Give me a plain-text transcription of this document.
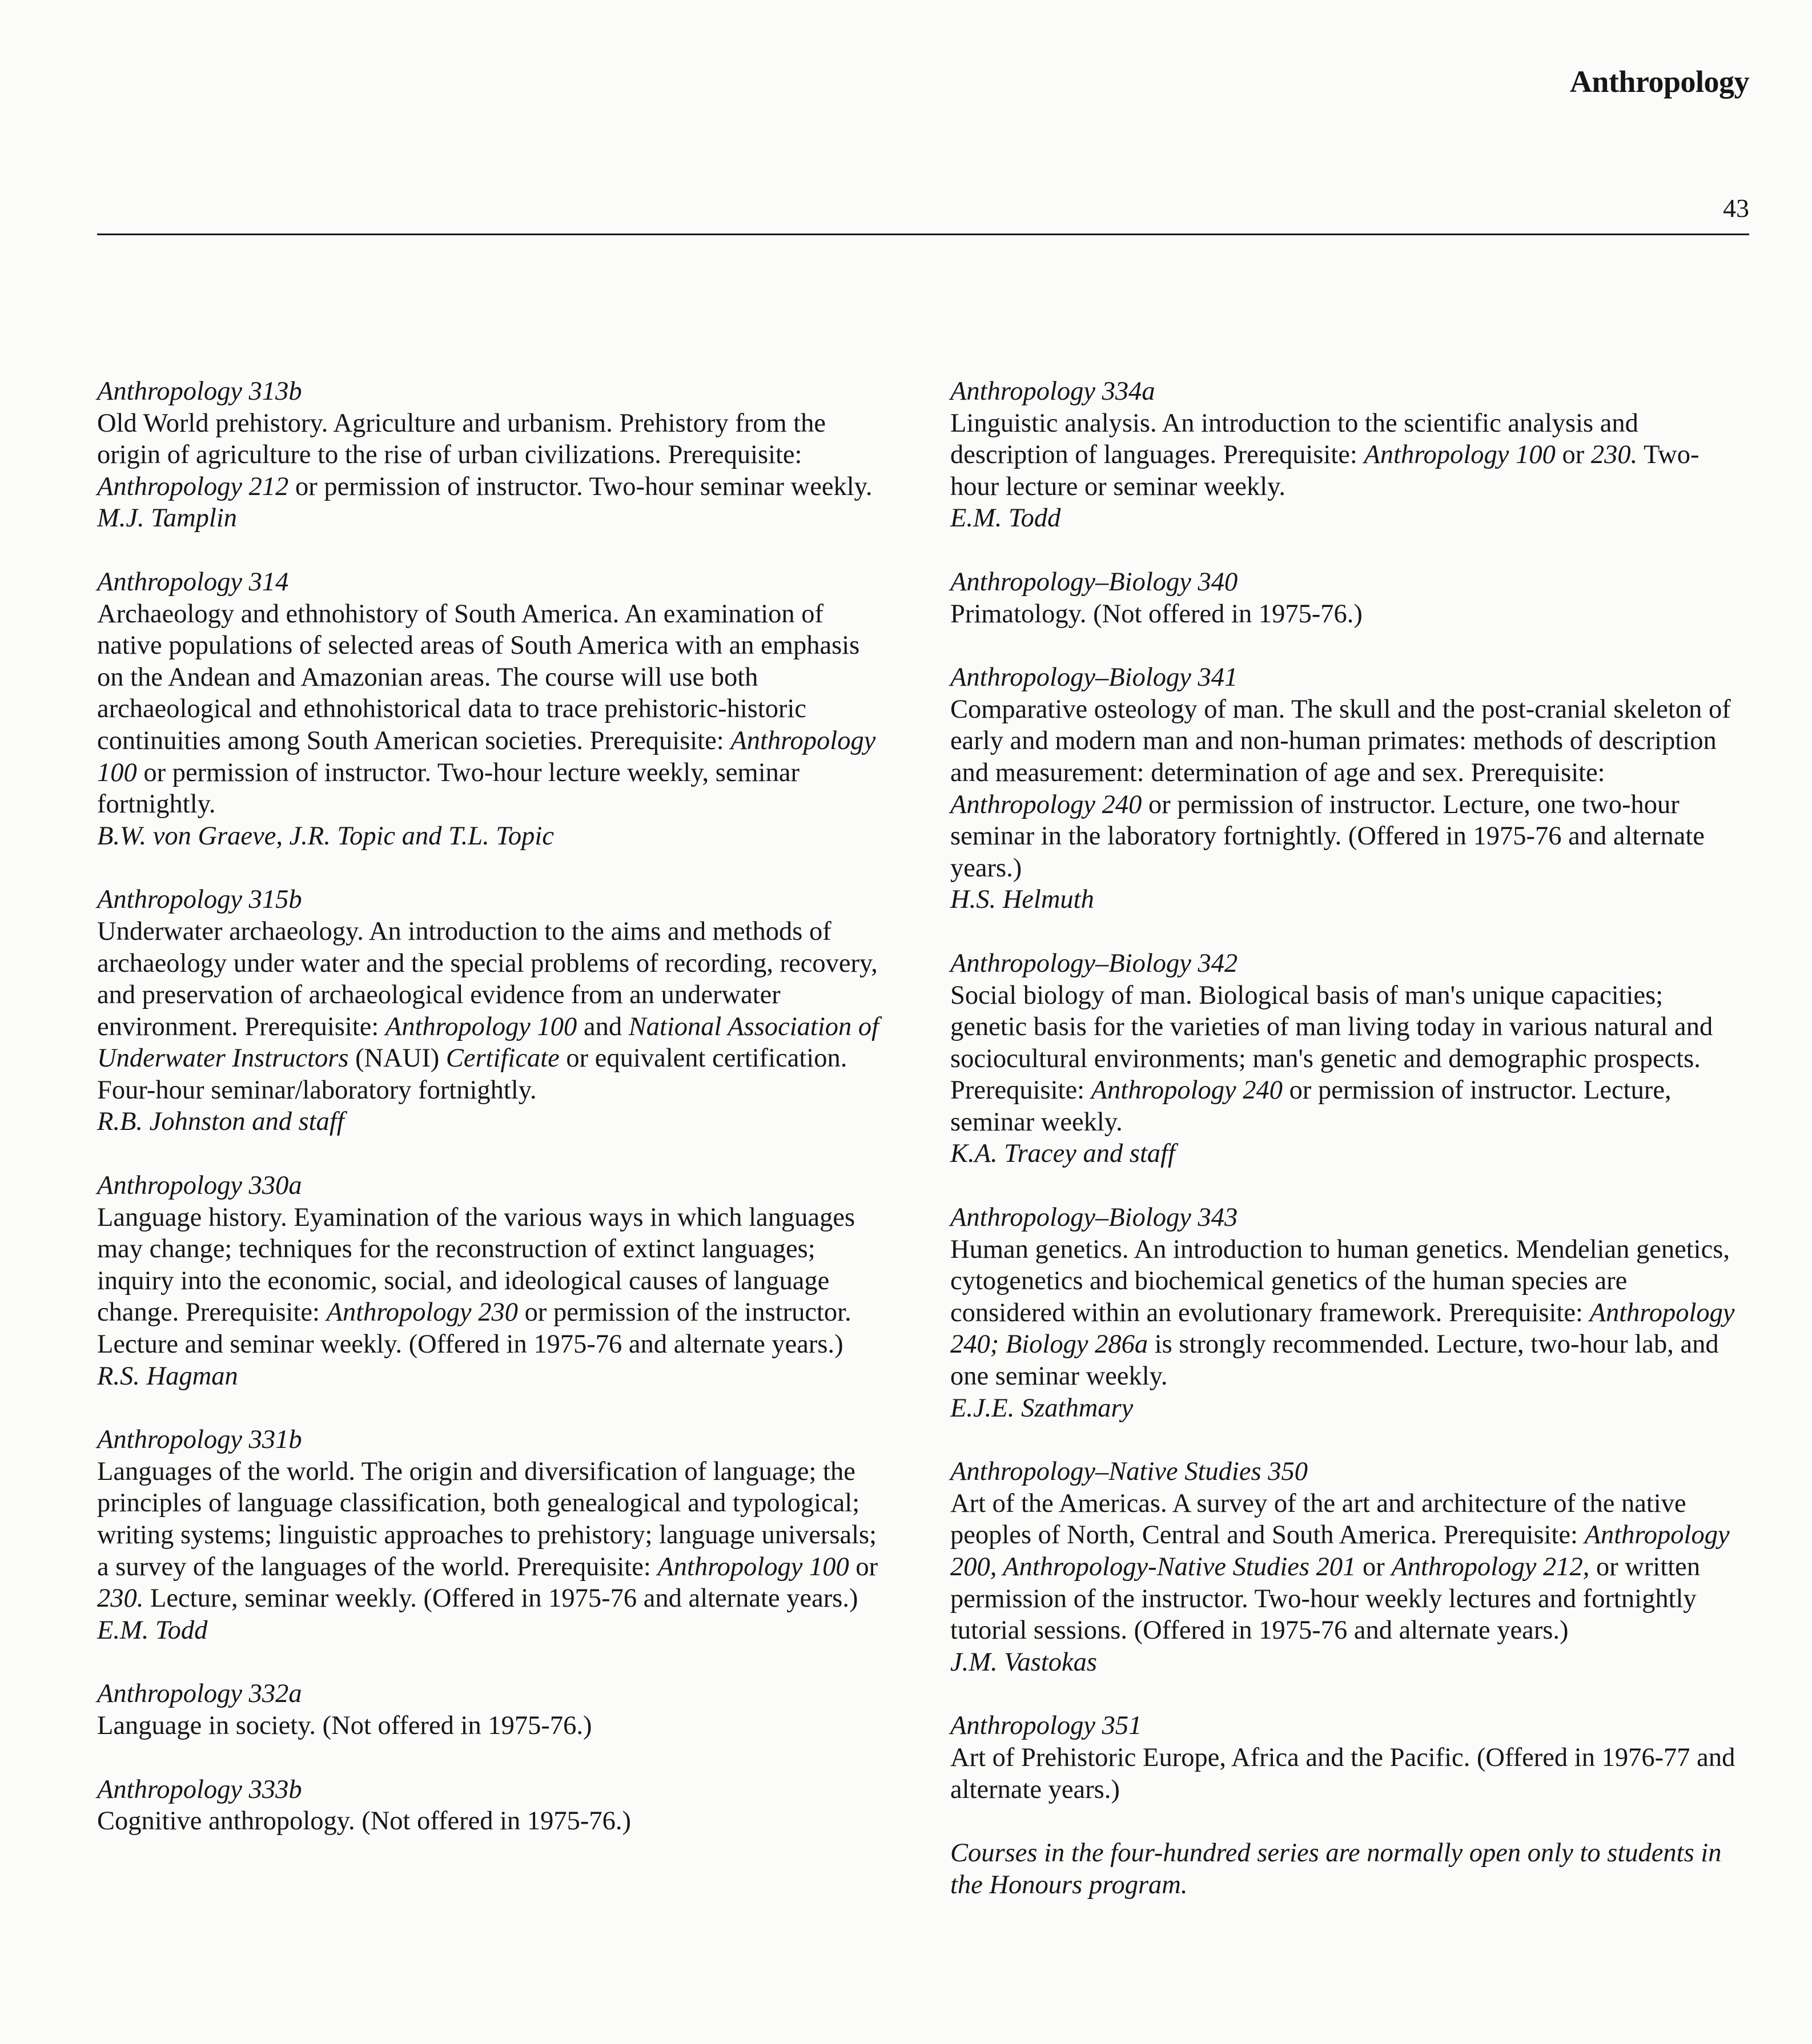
Anthropology
43

Anthropology 313b

Old World prehistory. Agriculture and urbanism. Prehistory from the origin of agriculture to the rise of urban civilizations. Prerequisite: Anthropology 212 or permission of instructor. Two-hour seminar weekly.

M.J. Tamplin

Anthropology 314

Archaeology and ethnohistory of South America. An examination of native populations of selected areas of South America with an emphasis on the Andean and Amazonian areas. The course will use both archaeological and ethnohistorical data to trace prehistoric-historic continuities among South American societies. Prerequisite: Anthropology 100 or permission of instructor. Two-hour lecture weekly, seminar fortnightly.

B.W. von Graeve, J.R. Topic and T.L. Topic

Anthropology 315b

Underwater archaeology. An introduction to the aims and methods of archaeology under water and the special problems of recording, recovery, and preservation of archaeological evidence from an underwater environment. Prerequisite: Anthropology 100 and National Association of Underwater Instructors (NAUI) Certificate or equivalent certification. Four-hour seminar/laboratory fortnightly.

R.B. Johnston and staff

Anthropology 330a

Language history. Eyamination of the various ways in which languages may change; techniques for the reconstruction of extinct languages; inquiry into the economic, social, and ideological causes of language change. Prerequisite: Anthropology 230 or permission of the instructor. Lecture and seminar weekly. (Offered in 1975-76 and alternate years.)

R.S. Hagman

Anthropology 331b

Languages of the world. The origin and diversification of language; the principles of language classification, both genealogical and typological; writing systems; linguistic approaches to prehistory; language universals; a survey of the languages of the world. Prerequisite: Anthropology 100 or 230. Lecture, seminar weekly. (Offered in 1975-76 and alternate years.)

E.M. Todd

Anthropology 332a

Language in society. (Not offered in 1975-76.)

Anthropology 333b

Cognitive anthropology. (Not offered in 1975-76.)

Anthropology 334a

Linguistic analysis. An introduction to the scientific analysis and description of languages. Prerequisite: Anthropology 100 or 230. Two-hour lecture or seminar weekly.

E.M. Todd

Anthropology–Biology 340

Primatology. (Not offered in 1975-76.)

Anthropology–Biology 341

Comparative osteology of man. The skull and the post-cranial skeleton of early and modern man and non-human primates: methods of description and measurement: determination of age and sex. Prerequisite: Anthropology 240 or permission of instructor. Lecture, one two-hour seminar in the laboratory fortnightly. (Offered in 1975-76 and alternate years.)

H.S. Helmuth

Anthropology–Biology 342

Social biology of man. Biological basis of man's unique capacities; genetic basis for the varieties of man living today in various natural and sociocultural environments; man's genetic and demographic prospects. Prerequisite: Anthropology 240 or permission of instructor. Lecture, seminar weekly.

K.A. Tracey and staff

Anthropology–Biology 343

Human genetics. An introduction to human genetics. Mendelian genetics, cytogenetics and biochemical genetics of the human species are considered within an evolutionary framework. Prerequisite: Anthropology 240; Biology 286a is strongly recommended. Lecture, two-hour lab, and one seminar weekly.

E.J.E. Szathmary

Anthropology–Native Studies 350

Art of the Americas. A survey of the art and architecture of the native peoples of North, Central and South America. Prerequisite: Anthropology 200, Anthropology-Native Studies 201 or Anthropology 212, or written permission of the instructor. Two-hour weekly lectures and fortnightly tutorial sessions. (Offered in 1975-76 and alternate years.)

J.M. Vastokas

Anthropology 351

Art of Prehistoric Europe, Africa and the Pacific. (Offered in 1976-77 and alternate years.)

Courses in the four-hundred series are normally open only to students in the Honours program.
